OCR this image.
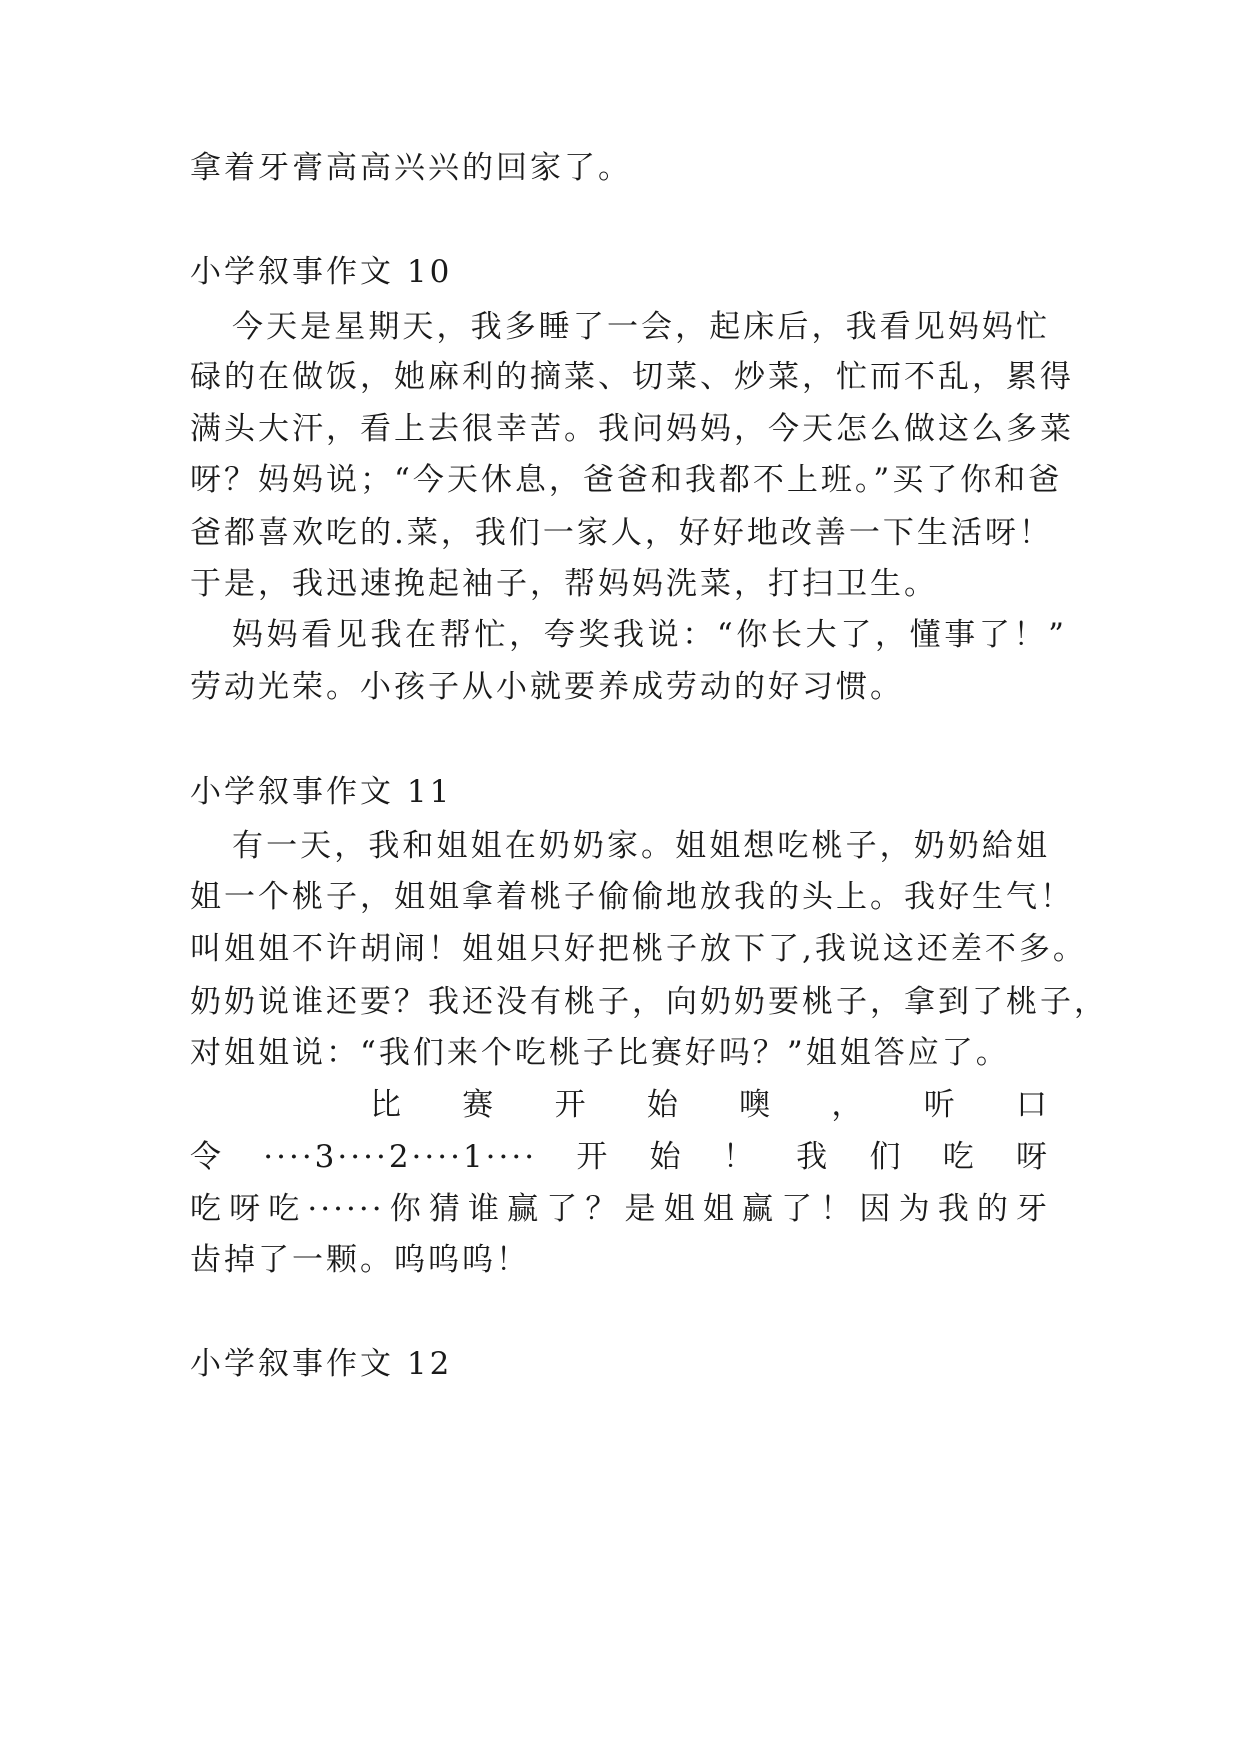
拿着牙膏高高兴兴的回家了。
小学叙事作文 10
今天是星期天，我多睡了一会，起床后，我看见妈妈忙
碌的在做饭，她麻利的摘菜、切菜、炒菜，忙而不乱，累得
满头大汗，看上去很幸苦。我问妈妈，今天怎么做这么多菜
呀？妈妈说；“今天休息，爸爸和我都不上班。”买了你和爸
爸都喜欢吃的.菜，我们一家人，好好地改善一下生活呀！
于是，我迅速挽起袖子，帮妈妈洗菜，打扫卫生。
妈妈看见我在帮忙，夸奖我说：“你长大了，懂事了！”
劳动光荣。小孩子从小就要养成劳动的好习惯。
小学叙事作文 11
有一天，我和姐姐在奶奶家。姐姐想吃桃子，奶奶給姐
姐一个桃子，姐姐拿着桃子偷偷地放我的头上。我好生气！
叫姐姐不许胡闹！姐姐只好把桃子放下了,我说这还差不多。
奶奶说谁还要？我还没有桃子，向奶奶要桃子，拿到了桃子，
对姐姐说：“我们来个吃桃子比赛好吗？”姐姐答应了。
比 赛 开 始 噢 ， 听 口
令····3····2····1····开始！我们吃呀
吃呀吃······你猜谁赢了？是姐姐赢了！因为我的牙
齿掉了一颗。呜呜呜！
小学叙事作文 12
